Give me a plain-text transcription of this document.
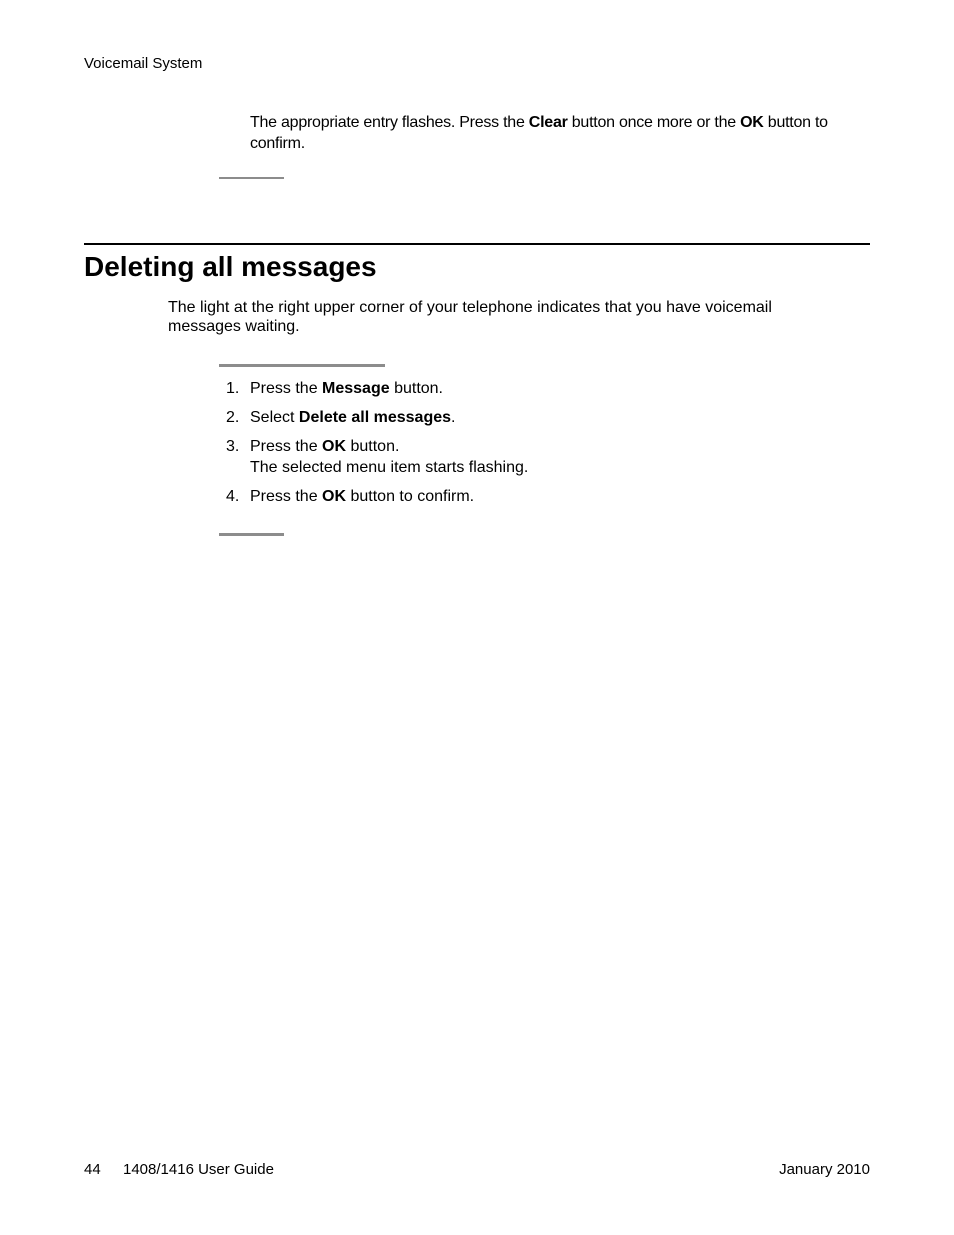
Voicemail System
The appropriate entry flashes. Press the Clear button once more or the OK button to confirm.
Deleting all messages
The light at the right upper corner of your telephone indicates that you have voicemail messages waiting.
1. Press the Message button.
2. Select Delete all messages.
3. Press the OK button.
The selected menu item starts flashing.
4. Press the OK button to confirm.
44 1408/1416 User Guide	January 2010
